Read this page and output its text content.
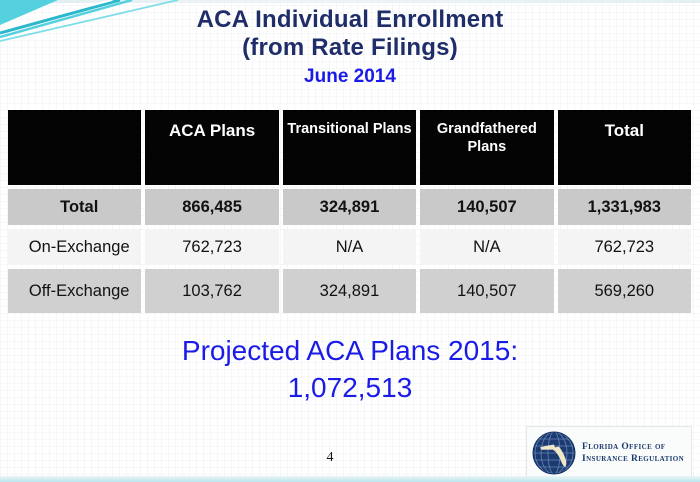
ACA Individual Enrollment
(from Rate Filings)
June 2014
	ACA Plans	Transitional Plans	Grandfathered Plans	Total
Total	866,485	324,891	140,507	1,331,983
On-Exchange	762,723	N/A	N/A	762,723
Off-Exchange	103,762	324,891	140,507	569,260
Projected ACA Plans 2015:
1,072,513
4
Florida Office of
Insurance Regulation
